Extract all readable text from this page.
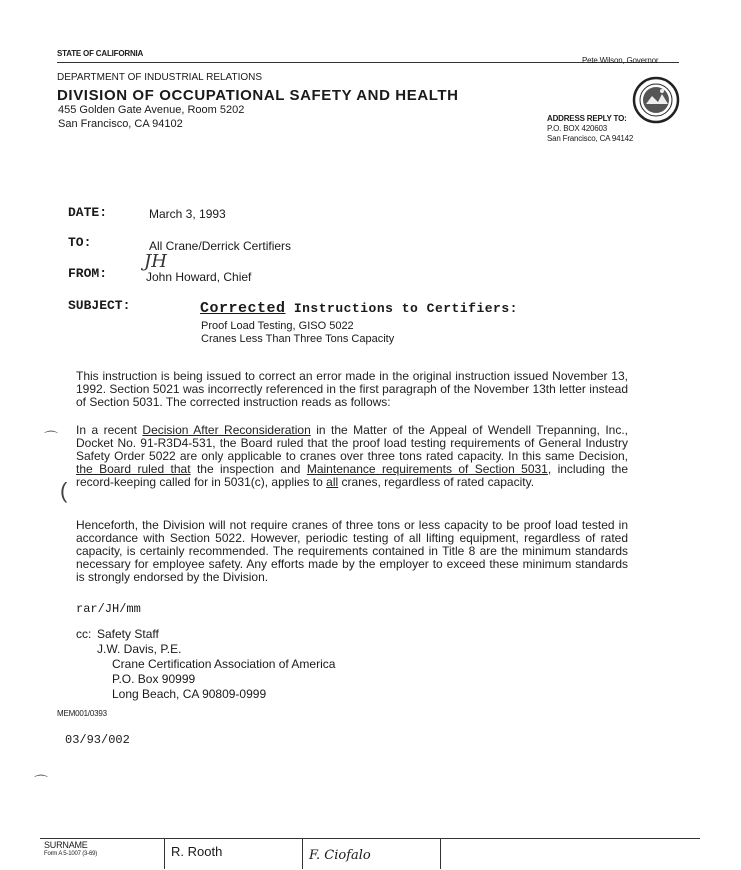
STATE OF CALIFORNIA
Pete Wilson, Governor
DEPARTMENT OF INDUSTRIAL RELATIONS
DIVISION OF OCCUPATIONAL SAFETY AND HEALTH
455 Golden Gate Avenue, Room 5202
San Francisco, CA 94102	ADDRESS REPLY TO:
P.O. BOX 420603
San Francisco, CA 94142
DATE:	March 3, 1993
TO:	All Crane/Derrick Certifiers
FROM:
JH
John Howard, Chief
SUBJECT:	Corrected Instructions to Certifiers:
Proof Load Testing, GISO 5022
Cranes Less Than Three Tons Capacity

This instruction is being issued to correct an error made in the original instruction issued November 13, 1992. Section 5021 was incorrectly referenced in the first paragraph of the November 13th letter instead of Section 5031. The corrected instruction reads as follows:

⌒ In a recent Decision After Reconsideration in the Matter of the Appeal of Wendell Trepanning, Inc., Docket No. 91-R3D4-531, the Board ruled that the proof load testing requirements of General Industry Safety Order 5022 are only applicable to cranes over three tons rated capacity. In this same Decision, the Board ruled that the inspection and Maintenance requirements of Section 5031, including the record-keeping called for in 5031(c), applies to all cranes, regardless of rated capacity.

(

Henceforth, the Division will not require cranes of three tons or less capacity to be proof load tested in accordance with Section 5022. However, periodic testing of all lifting equipment, regardless of rated capacity, is certainly recommended. The requirements contained in Title 8 are the minimum standards necessary for employee safety. Any efforts made by the employer to exceed these minimum standards is strongly endorsed by the Division.

rar/JH/mm
cc: Safety Staff
J.W. Davis, P.E.
Crane Certification Association of America
P.O. Box 90999
Long Beach, CA 90809-0999
MEM001/0393
03/93/002
⌒
SURNAME
Form A 5-1007 (3-69)	R. Rooth	F. Ciofalo
